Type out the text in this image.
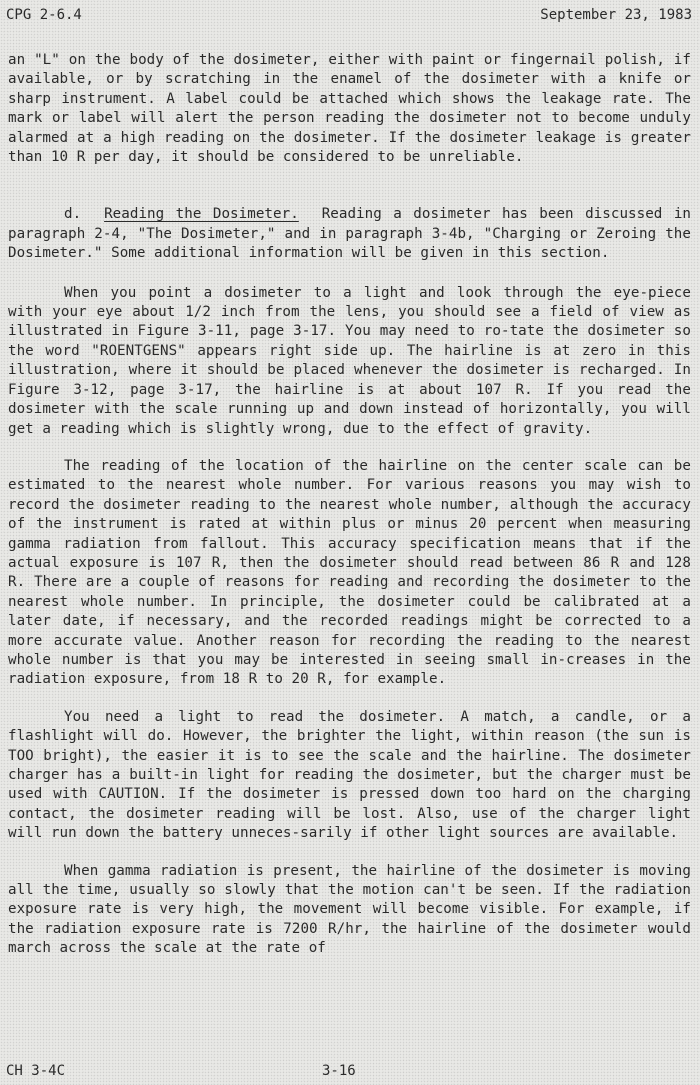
CPG 2-6.4	September 23, 1983

an "L" on the body of the dosimeter, either with paint or fingernail polish, if available, or by scratching in the enamel of the dosimeter with a knife or sharp instrument. A label could be attached which shows the leakage rate. The mark or label will alert the person reading the dosimeter not to become unduly alarmed at a high reading on the dosimeter. If the dosimeter leakage is greater than 10 R per day, it should be considered to be unreliable.

d. Reading the Dosimeter. Reading a dosimeter has been discussed in paragraph 2-4, "The Dosimeter," and in paragraph 3-4b, "Charging or Zeroing the Dosimeter." Some additional information will be given in this section.

When you point a dosimeter to a light and look through the eye-piece with your eye about 1/2 inch from the lens, you should see a field of view as illustrated in Figure 3-11, page 3-17. You may need to ro-tate the dosimeter so the word "ROENTGENS" appears right side up. The hairline is at zero in this illustration, where it should be placed whenever the dosimeter is recharged. In Figure 3-12, page 3-17, the hairline is at about 107 R. If you read the dosimeter with the scale running up and down instead of horizontally, you will get a reading which is slightly wrong, due to the effect of gravity.

The reading of the location of the hairline on the center scale can be estimated to the nearest whole number. For various reasons you may wish to record the dosimeter reading to the nearest whole number, although the accuracy of the instrument is rated at within plus or minus 20 percent when measuring gamma radiation from fallout. This accuracy specification means that if the actual exposure is 107 R, then the dosimeter should read between 86 R and 128 R. There are a couple of reasons for reading and recording the dosimeter to the nearest whole number. In principle, the dosimeter could be calibrated at a later date, if necessary, and the recorded readings might be corrected to a more accurate value. Another reason for recording the reading to the nearest whole number is that you may be interested in seeing small in-creases in the radiation exposure, from 18 R to 20 R, for example.

You need a light to read the dosimeter. A match, a candle, or a flashlight will do. However, the brighter the light, within reason (the sun is TOO bright), the easier it is to see the scale and the hairline. The dosimeter charger has a built-in light for reading the dosimeter, but the charger must be used with CAUTION. If the dosimeter is pressed down too hard on the charging contact, the dosimeter reading will be lost. Also, use of the charger light will run down the battery unneces-sarily if other light sources are available.

When gamma radiation is present, the hairline of the dosimeter is moving all the time, usually so slowly that the motion can't be seen. If the radiation exposure rate is very high, the movement will become visible. For example, if the radiation exposure rate is 7200 R/hr, the hairline of the dosimeter would march across the scale at the rate of

CH 3-4C	3-16
